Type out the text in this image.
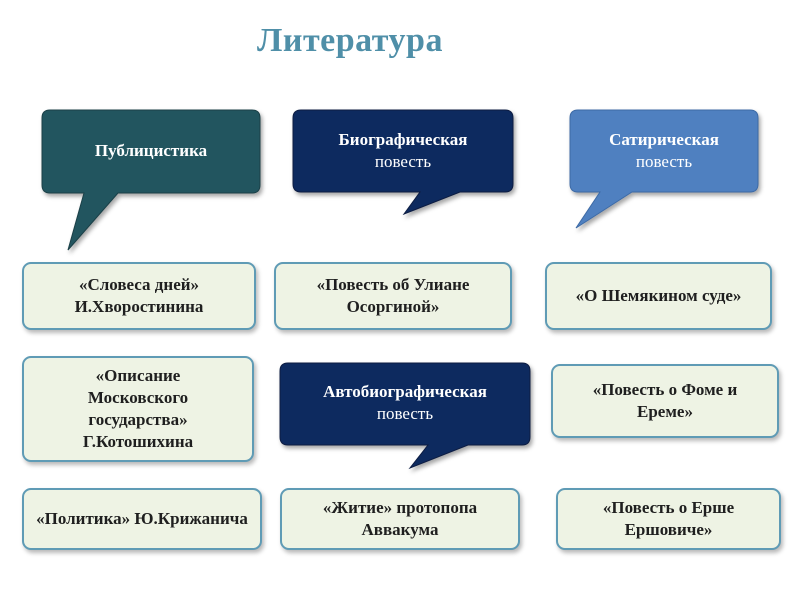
Литература
Публицистика
Биографическая
повесть
Сатирическая
повесть
Автобиографическая
повесть
«Словеса дней» И.Хворостинина
«Описание Московского государства» Г.Котошихина
«Политика» Ю.Крижанича
«Повесть об Улиане Осоргиной»
«Житие» протопопа Аввакума
«О Шемякином суде»
«Повесть о Фоме и Ереме»
«Повесть о Ерше Ершовиче»
